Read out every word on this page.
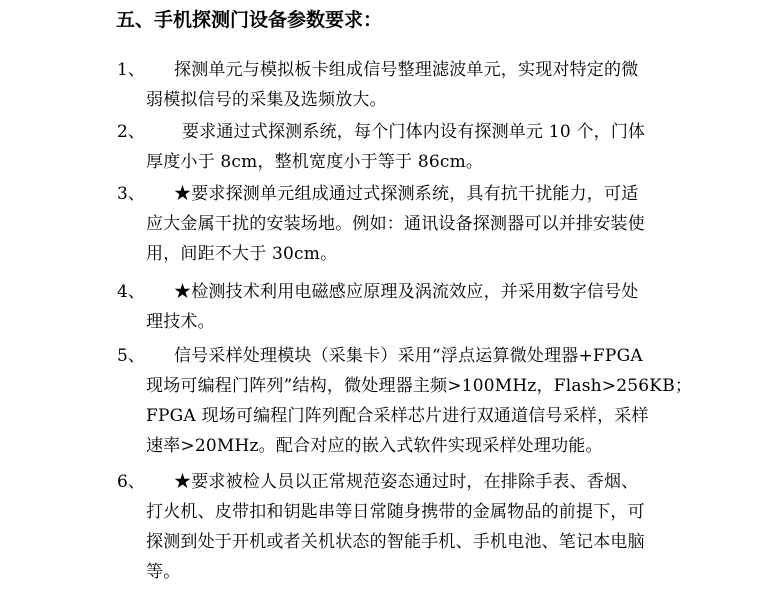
五、手机探测门设备参数要求：
1、 探测单元与模拟板卡组成信号整理滤波单元，实现对特定的微
弱模拟信号的采集及选频放大。
2、 要求通过式探测系统，每个门体内设有探测单元 10 个，门体
厚度小于 8cm，整机宽度小于等于 86cm。
3、 ★要求探测单元组成通过式探测系统，具有抗干扰能力，可适
应大金属干扰的安装场地。例如：通讯设备探测器可以并排安装使
用，间距不大于 30cm。
4、 ★检测技术利用电磁感应原理及涡流效应，并采用数字信号处
理技术。
5、 信号采样处理模块（采集卡）采用“浮点运算微处理器+FPGA
现场可编程门阵列”结构，微处理器主频>100MHz，Flash>256KB；
FPGA 现场可编程门阵列配合采样芯片进行双通道信号采样，采样
速率>20MHz。配合对应的嵌入式软件实现采样处理功能。
6、 ★要求被检人员以正常规范姿态通过时，在排除手表、香烟、
打火机、皮带扣和钥匙串等日常随身携带的金属物品的前提下，可
探测到处于开机或者关机状态的智能手机、手机电池、笔记本电脑
等。
